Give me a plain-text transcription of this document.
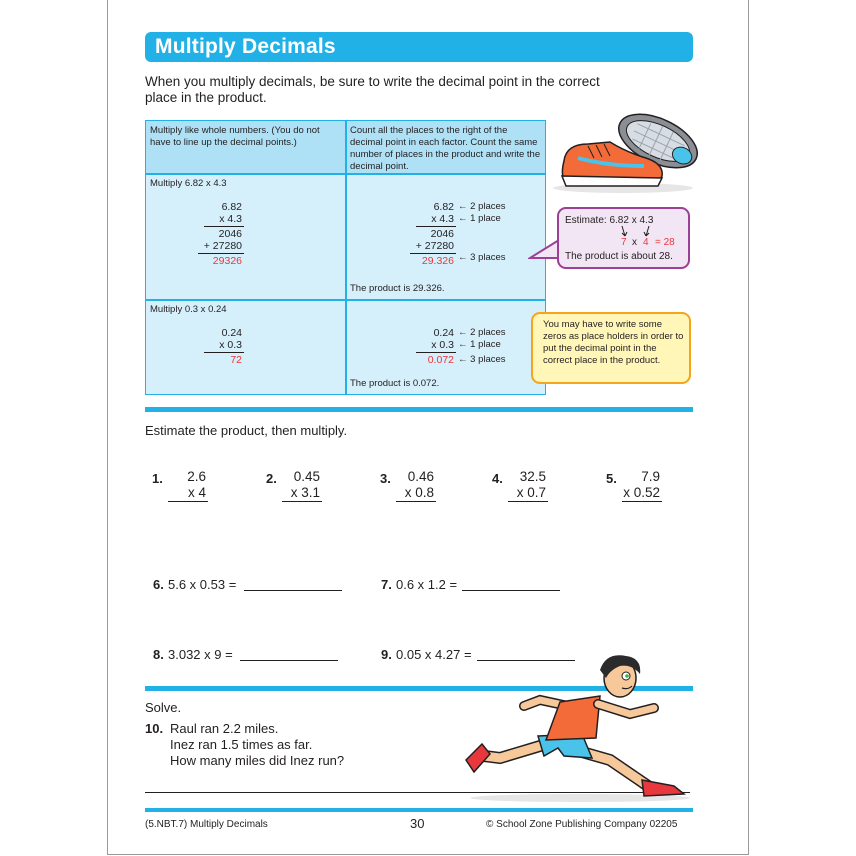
Multiply Decimals
When you multiply decimals, be sure to write the decimal point in the correct place in the product.
Multiply like whole numbers. (You do not have to line up the decimal points.)
Count all the places to the right of the decimal point in each factor. Count the same number of places in the product and write the decimal point.
Multiply 6.82 x 4.3
6.82
x 4.3
2046
+ 27280
29326
6.82
x 4.3
2046
+ 27280
29.326
← 2 places
← 1 place
← 3 places
The product is 29.326.
Multiply 0.3 x 0.24
0.24
x 0.3
72
0.24
x 0.3
0.072
← 2 places
← 1 place
← 3 places
The product is 0.072.
Estimate: 6.82 x 4.3
7 x 4 = 28
The product is about 28.
You may have to write some zeros as place holders in order to put the decimal point in the correct place in the product.
Estimate the product, then multiply.
1.	2.6
x 4
2.	0.45
x 3.1
3.	0.46
x 0.8
4.	32.5
x 0.7
5.	7.9
x 0.52
6. 5.6 x 0.53 =	7. 0.6 x 1.2 =
8. 3.032 x 9 =	9. 0.05 x 4.27 =
Solve.
10. Raul ran 2.2 miles.
Inez ran 1.5 times as far.
How many miles did Inez run?
(5.NBT.7) Multiply Decimals	30	© School Zone Publishing Company 02205
